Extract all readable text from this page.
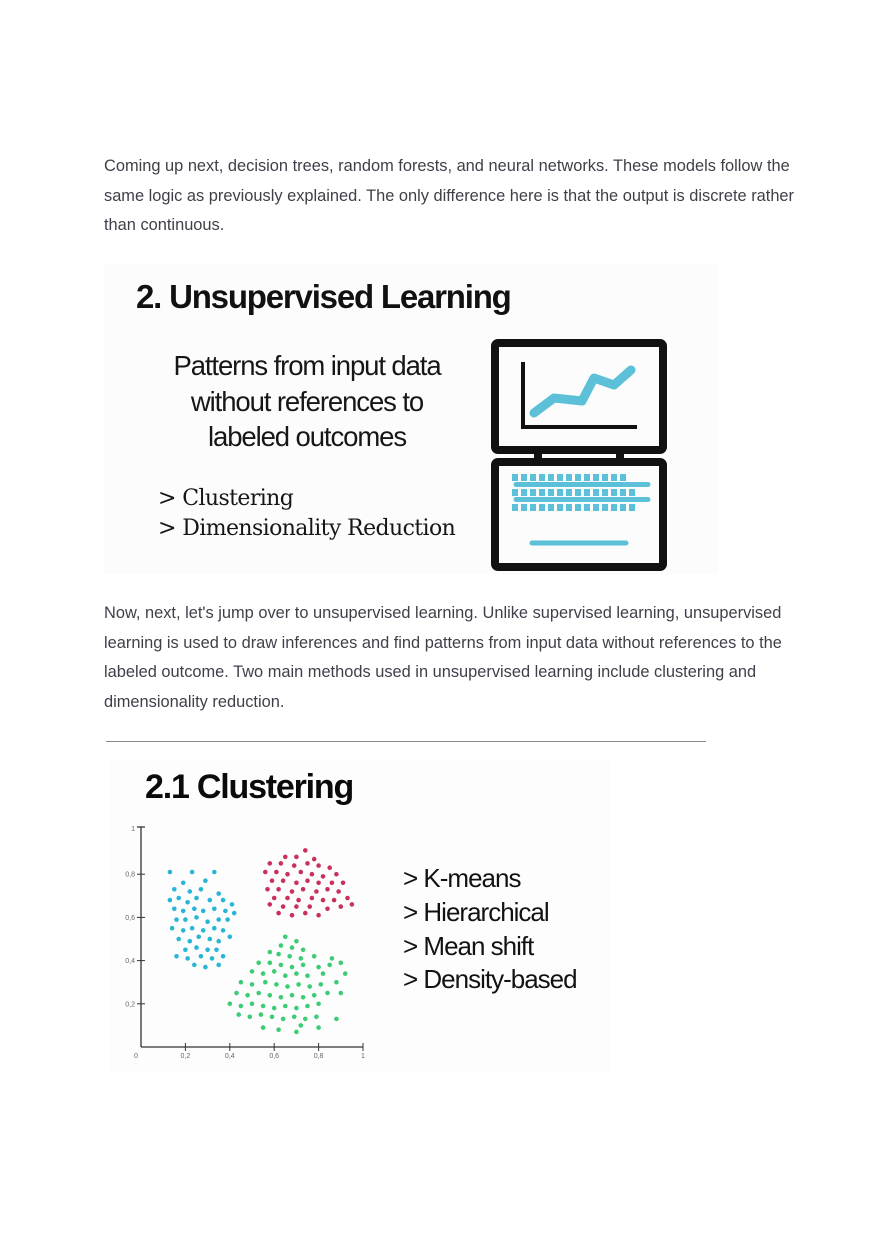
Coming up next, decision trees, random forests, and neural networks. These models follow the same logic as previously explained. The only difference here is that the output is discrete rather than continuous.

2. Unsupervised Learning
Patterns from input data
without references to
labeled outcomes
> Clustering
> Dimensionality Reduction

Now, next, let's jump over to unsupervised learning. Unlike supervised learning, unsupervised learning is used to draw inferences and find patterns from input data without references to the labeled outcome. Two main methods used in unsupervised learning include clustering and dimensionality reduction.

2.1 Clustering
0	0,2	0,4	0,6	0,8	1
0,2
0,4
0,6
0,8
1
> K-means
> Hierarchical
> Mean shift
> Density-based
